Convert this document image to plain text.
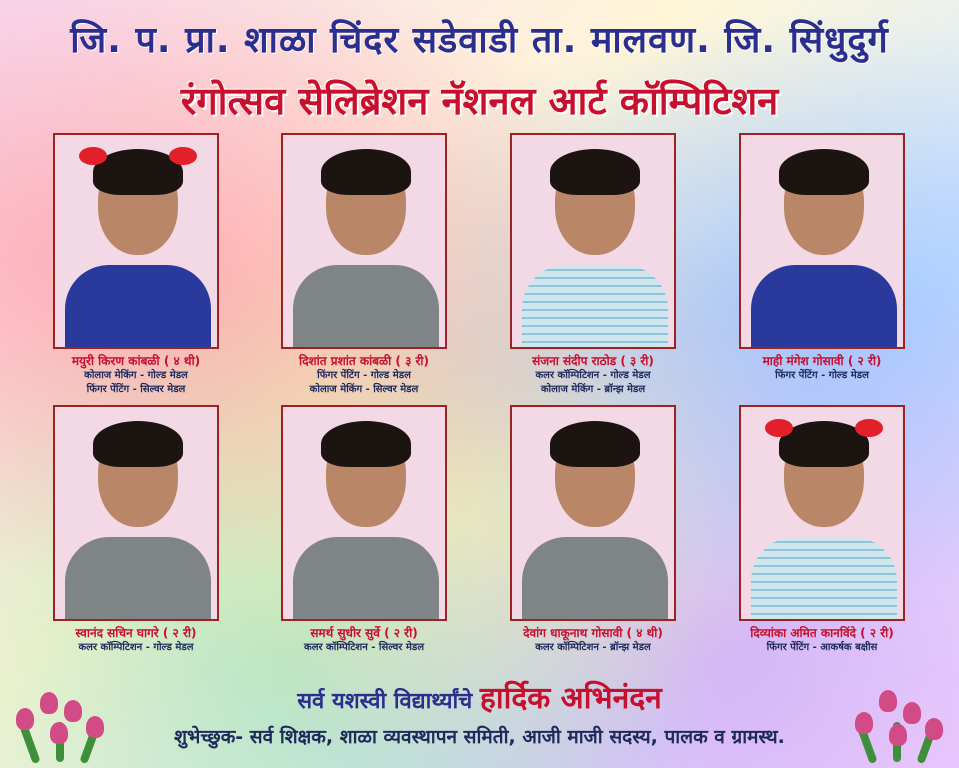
जि. प. प्रा. शाळा चिंदर सडेवाडी ता. मालवण. जि. सिंधुदुर्ग
रंगोत्सव सेलिब्रेशन नॅशनल आर्ट कॉम्पिटिशन
मयुरी किरण कांबळी ( ४ थी)
कोलाज मेकिंग - गोल्ड मेडल
फिंगर पेंटिंग - सिल्वर मेडल
दिशांत प्रशांत कांबळी ( ३ री)
फिंगर पेंटिंग - गोल्ड मेडल
कोलाज मेकिंग - सिल्वर मेडल
संजना संदीप राठोड ( ३ री)
कलर कॉम्पिटिशन - गोल्ड मेडल
कोलाज मेकिंग - ब्रॉन्झ मेडल
माही मंगेश गोसावी ( २ री)
फिंगर पेंटिंग - गोल्ड मेडल
स्वानंद सचिन घागरे ( २ री)
कलर कॉम्पिटिशन - गोल्ड मेडल
समर्थ सुधीर सुर्वे ( २ री)
कलर कॉम्पिटिशन - सिल्वर मेडल
देवांग धाकूनाथ गोसावी ( ४ थी)
कलर कॉम्पिटिशन - ब्रॉन्झ मेडल
दिव्यांका अमित कानविंदे ( २ री)
फिंगर पेंटिंग - आकर्षक बक्षीस
सर्व यशस्वी विद्यार्थ्यांचे हार्दिक अभिनंदन
शुभेच्छुक- सर्व शिक्षक, शाळा व्यवस्थापन समिती, आजी माजी सदस्य, पालक व ग्रामस्थ.
